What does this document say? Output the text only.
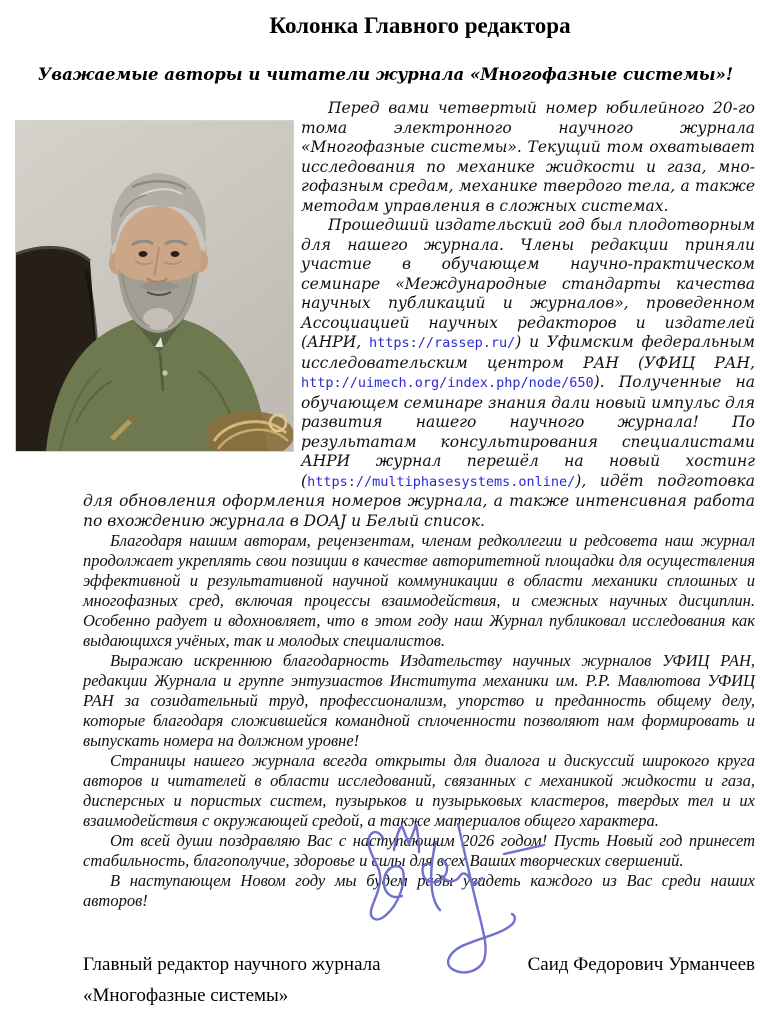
Колонка Главного редактора
Уважаемые авторы и читатели журнала «Многофазные системы»!

Перед вами четвертый номер юбилейного 20-го тома электронного научного журнала «Многофазные системы». Текущий том охватывает исследования по механике жидкости и газа, многофазным средам, механике твердого тела, а также методам управления в сложных системах.

Прошедший издательский год был плодотворным для нашего журнала. Члены редакции приняли участие в обучающем научно-практическом семинаре «Международные стандарты качества научных публикаций и журналов», проведенном Ассоциацией научных редакторов и издателей (АНРИ, https://rassep.ru/) и Уфимским федеральным исследовательским центром РАН (УФИЦ РАН, http://uimech.org/index.php/node/650). Полученные на обучающем семинаре знания дали новый импульс для развития нашего научного журнала! По результатам консультирования специалистами АНРИ журнал перешёл на новый хостинг (https://multiphasesystems.online/), идёт подготовка для обновления оформления номеров журнала, а также интенсивная работа по вхождению журнала в DOAJ и Белый список.

Благодаря нашим авторам, рецензентам, членам редколлегии и редсовета наш журнал продолжает укреплять свои позиции в качестве авторитетной площадки для осуществления эффективной и результативной научной коммуникации в области механики сплошных и многофазных сред, включая процессы взаимодействия, и смежных научных дисциплин. Особенно радует и вдохновляет, что в этом году наш Журнал публиковал исследования как выдающихся учёных, так и молодых специалистов.

Выражаю искреннюю благодарность Издательству научных журналов УФИЦ РАН, редакции Журнала и группе энтузиастов Института механики им. Р.Р. Мавлютова УФИЦ РАН за созидательный труд, профессионализм, упорство и преданность общему делу, которые благодаря сложившейся командной сплоченности позволяют нам формировать и выпускать номера на должном уровне!

Страницы нашего журнала всегда открыты для диалога и дискуссий широкого круга авторов и читателей в области исследований, связанных с механикой жидкости и газа, дисперсных и пористых систем, пузырьков и пузырьковых кластеров, твердых тел и их взаимодействия с окружающей средой, а также материалов общего характера.

От всей души поздравляю Вас с наступающим 2026 годом! Пусть Новый год принесет стабильность, благополучие, здоровье и силы для всех Ваших творческих свершений.

В наступающем Новом году мы будем рады увидеть каждого из Вас среди наших авторов!

Главный редактор научного журнала
«Многофазные системы»
Саид Федорович Урманчеев
